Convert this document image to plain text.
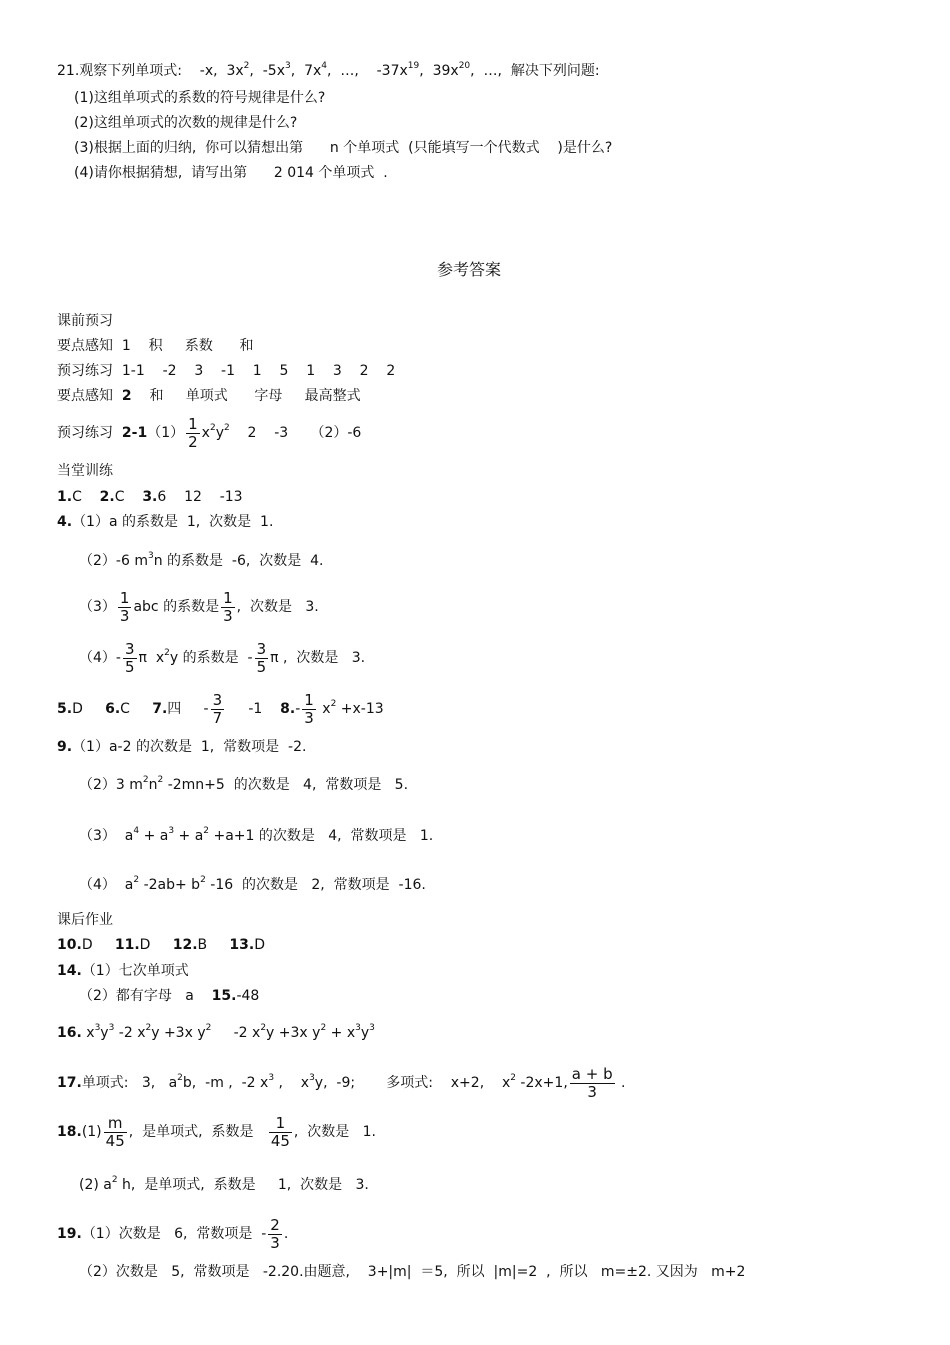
21.观察下列单项式:    -x,  $3x^2$,  $-5x^3$,  $7x^4$,  …,    $-37x^{19}$,  $39x^{20}$,  …,  解决下列问题:
(1)这组单项式的系数的符号规律是什么?
(2)这组单项式的次数的规律是什么?
(3)根据上面的归纳,  你可以猜想出第      n 个单项式  (只能填写一个代数式    )是什么?
(4)请你根据猜想,  请写出第      2 014 个单项式  .
参考答案
课前预习
要点感知  1    积     系数      和
预习练习  1-1    -2    3    -1    1    5    1    3    2    2
要点感知  2    和     单项式      字母     最高整式
预习练习  $2-1(1) \frac{1}{2} x^2y^2$    2    -3     （2）-6
当堂训练
1.C    2.C    3.6    12    -13
4.（1）a 的系数是  1,  次数是  1.
（2）-6 $m^3n$ 的系数是  -6,  次数是  4.
$(3) \frac{1}{3}$ abc 的系数是 $\frac{1}{3}$ ,  次数是   3.
$(4)- \frac{3}{5}$ π  $x^2y$ 的系数是  - $\frac{3}{5}$ π ,  次数是   3.
5.D     6.C     7.四     - $\frac{3}{7} -1$    $8.- \frac{1}{3} x^2 +x-13$
9.（1）a-2 的次数是  1,  常数项是  -2.
（2）3 $m^2n^2$ -2mn+5  的次数是   4,  常数项是   5.
（3）  $a^4 + a^3 + a^2 +a+1$ 的次数是   4,  常数项是   1.
（4）  $a^2$ $-2ab+ b^2$ -16  的次数是   2,  常数项是  -16.
课后作业
10.D     11.D     12.B     13.D
14.（1）七次单项式
（2）都有字母   a    15.-48
16. $x^3y^3$ -2 $x^2y +3x$ $y^2$     -2 $x^2y +3x$ $y^2 + x^3y^3$
17.单项式:   3,   $a^2b$,  -m ,  -2 $x^3$ ,    $x^3y$,  -9;       多项式:    x+2,    $x^2$ -2x+1, $\frac{a + b}{3}$ .
$18.(1) \frac{m}{45}$ ,  是单项式,  系数是 $\frac{1}{45}$ ,  次数是   1.
(2) $a^2$ h,  是单项式,  系数是     1,  次数是   3.
19.（1）次数是   6,  常数项是  - $\frac{2}{3}$ .
（2）次数是   5,  常数项是   -2.20.由题意,    3+|m|  ＝5,  所以  |m|=2  ,  所以   m=±2. 又因为   m+2
